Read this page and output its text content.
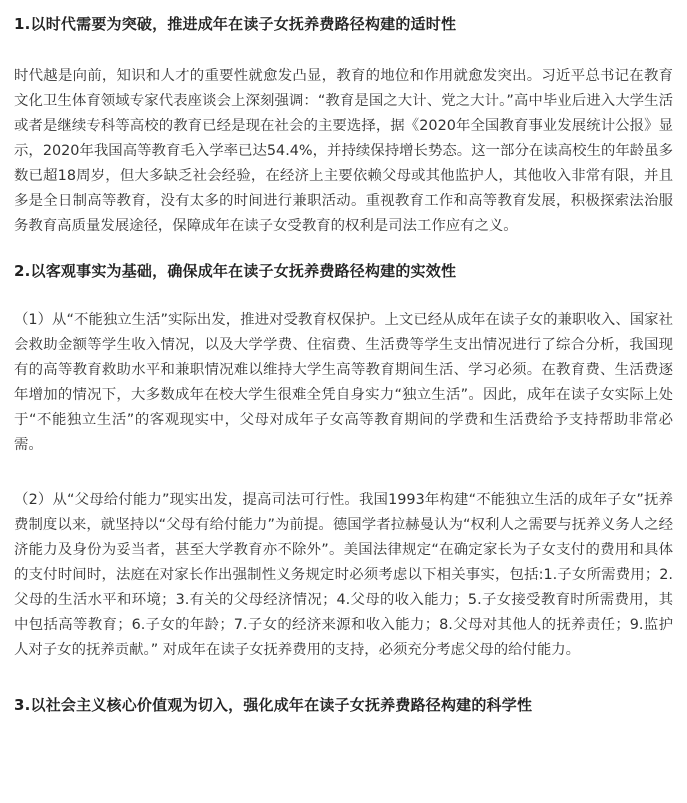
1.以时代需要为突破，推进成年在读子女抚养费路径构建的适时性

时代越是向前，知识和人才的重要性就愈发凸显，教育的地位和作用就愈发突出。习近平总书记在教育文化卫生体育领域专家代表座谈会上深刻强调：“教育是国之大计、党之大计。”高中毕业后进入大学生活或者是继续专科等高校的教育已经是现在社会的主要选择，据《2020年全国教育事业发展统计公报》显示，2020年我国高等教育毛入学率已达54.4%，并持续保持增长势态。这一部分在读高校生的年龄虽多数已超18周岁，但大多缺乏社会经验，在经济上主要依赖父母或其他监护人，其他收入非常有限，并且多是全日制高等教育，没有太多的时间进行兼职活动。重视教育工作和高等教育发展，积极探索法治服务教育高质量发展途径，保障成年在读子女受教育的权利是司法工作应有之义。

2.以客观事实为基础，确保成年在读子女抚养费路径构建的实效性

（1）从“不能独立生活”实际出发，推进对受教育权保护。上文已经从成年在读子女的兼职收入、国家社会救助金额等学生收入情况，以及大学学费、住宿费、生活费等学生支出情况进行了综合分析，我国现有的高等教育救助水平和兼职情况难以维持大学生高等教育期间生活、学习必须。在教育费、生活费逐年增加的情况下，大多数成年在校大学生很难全凭自身实力“独立生活”。因此，成年在读子女实际上处于“不能独立生活”的客观现实中，父母对成年子女高等教育期间的学费和生活费给予支持帮助非常必需。

（2）从“父母给付能力”现实出发，提高司法可行性。我国1993年构建“不能独立生活的成年子女”抚养费制度以来，就坚持以“父母有给付能力”为前提。德国学者拉赫曼认为“权利人之需要与抚养义务人之经济能力及身份为妥当者，甚至大学教育亦不除外”。美国法律规定“在确定家长为子女支付的费用和具体的支付时间时，法庭在对家长作出强制性义务规定时必须考虑以下相关事实，包括:1.子女所需费用；2.父母的生活水平和环境；3.有关的父母经济情况；4.父母的收入能力；5.子女接受教育时所需费用，其中包括高等教育；6.子女的年龄；7.子女的经济来源和收入能力；8.父母对其他人的抚养责任；9.监护人对子女的抚养贡献。” 对成年在读子女抚养费用的支持，必须充分考虑父母的给付能力。

3.以社会主义核心价值观为切入，强化成年在读子女抚养费路径构建的科学性
